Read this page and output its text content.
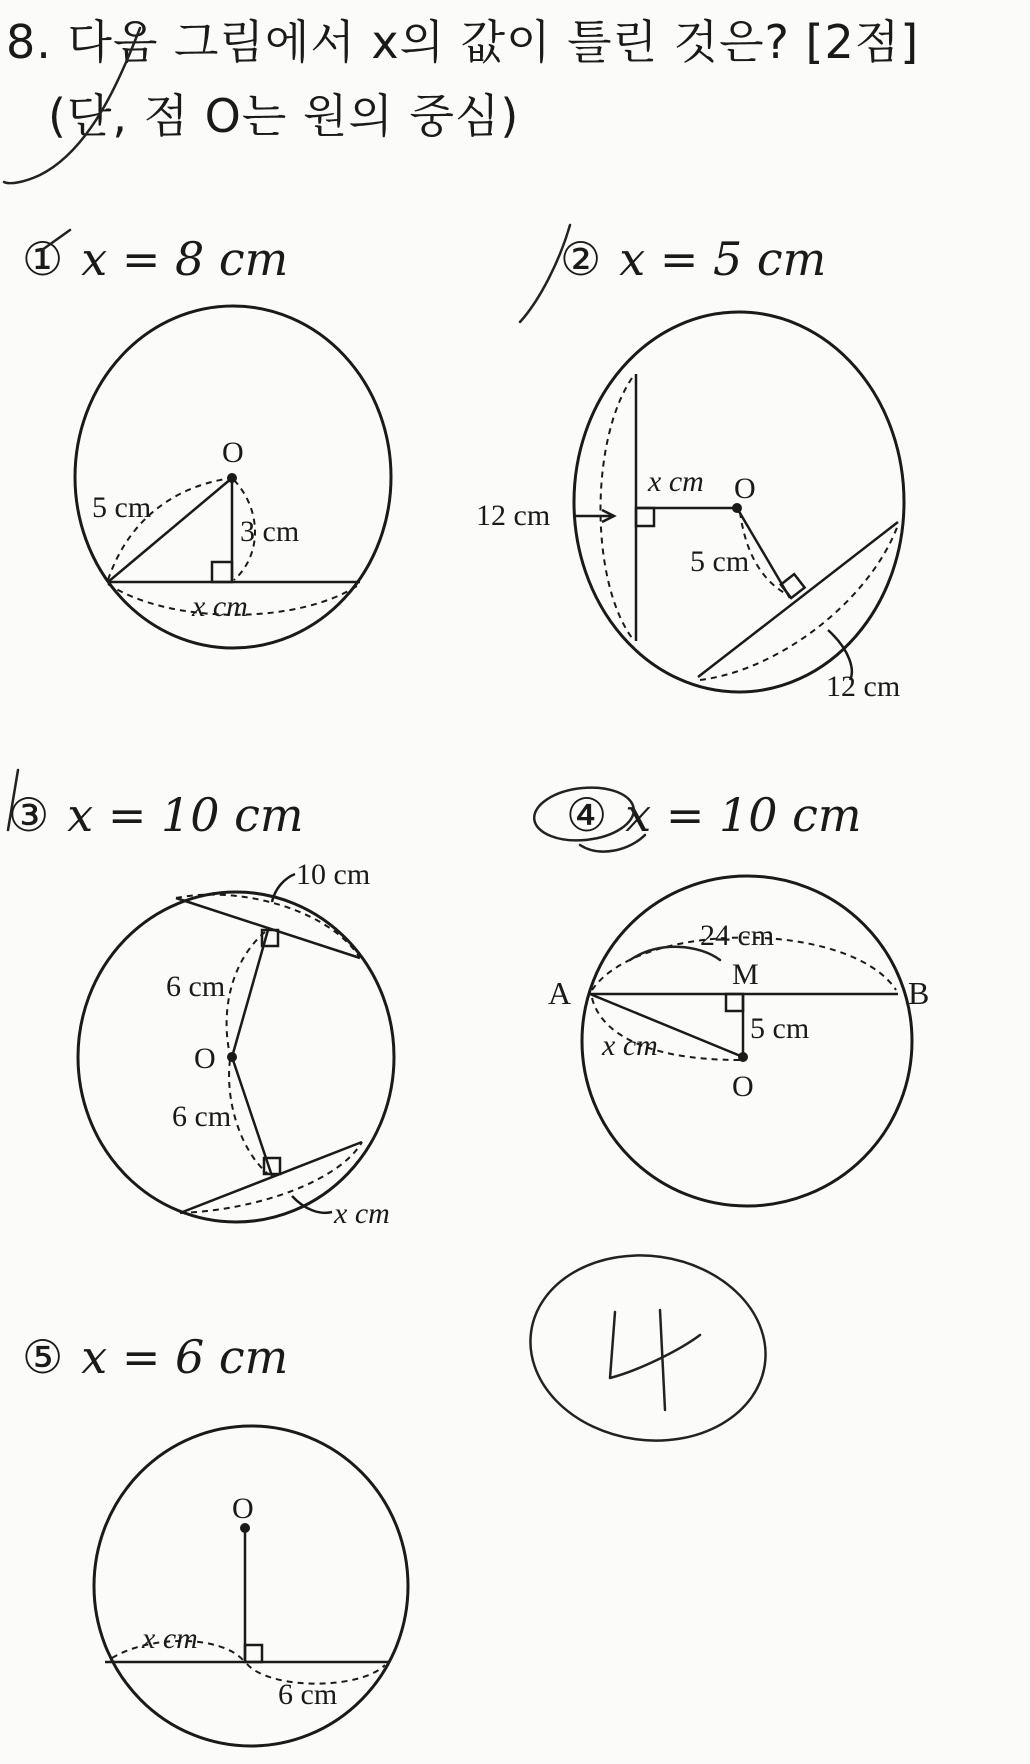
8. 다음 그림에서 x의 값이 틀린 것은? [2점]
(단, 점 O는 원의 중심)
① x = 8 cm	② x = 5 cm
③ x = 10 cm	④ x = 10 cm
⑤ x = 6 cm
O
5 cm
3 cm
x cm
12 cm
x cm O
5 cm
12 cm
10 cm
6 cm
O
6 cm
x cm
A	B
M
O
24 cm
5 cm
x cm
O
x cm
6 cm
